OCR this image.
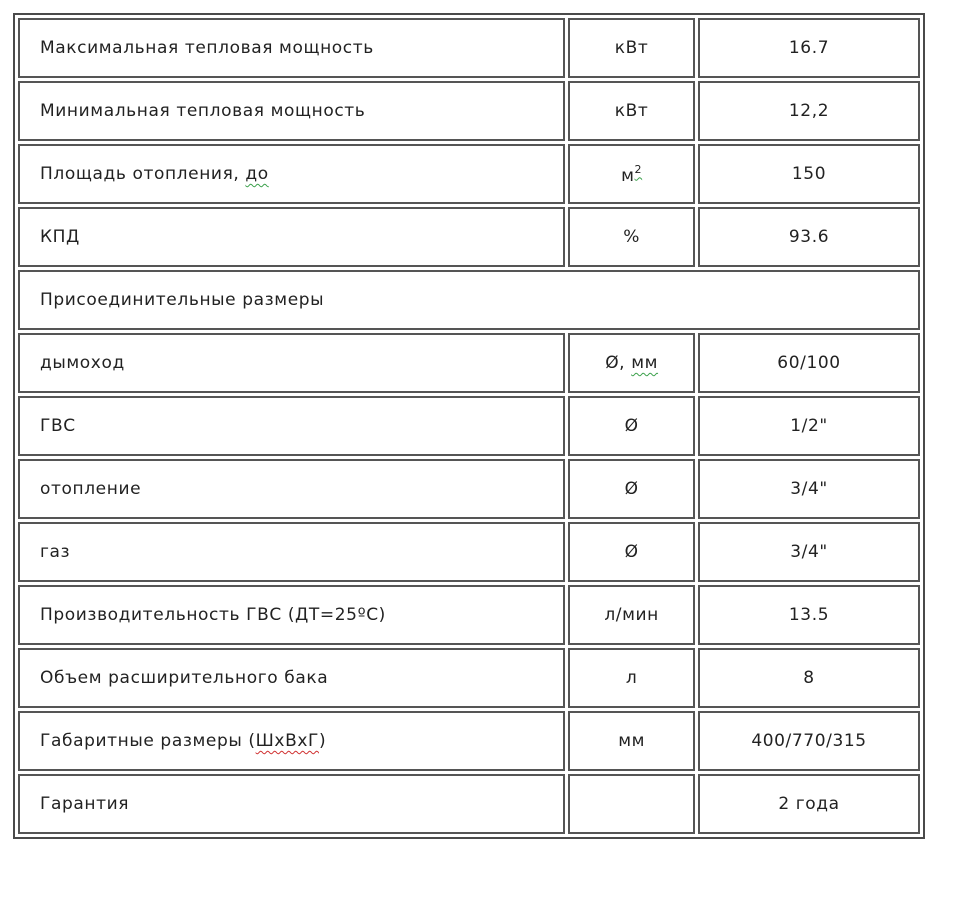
Максимальная тепловая мощность	кВт	16.7
Минимальная тепловая мощность	кВт	12,2
Площадь отопления, до	$м^2$	150
КПД	%	93.6
Присоединительные размеры		
дымоход	Ø, мм	60/100
ГВС	Ø	1/2"
отопление	Ø	3/4"
газ	Ø	3/4"
Производительность ГВС (ДТ=25ºС)	л/мин	13.5
Объем расширительного бака	л	8
Габаритные размеры (ШхВхГ)	мм	400/770/315
Гарантия		2 года
